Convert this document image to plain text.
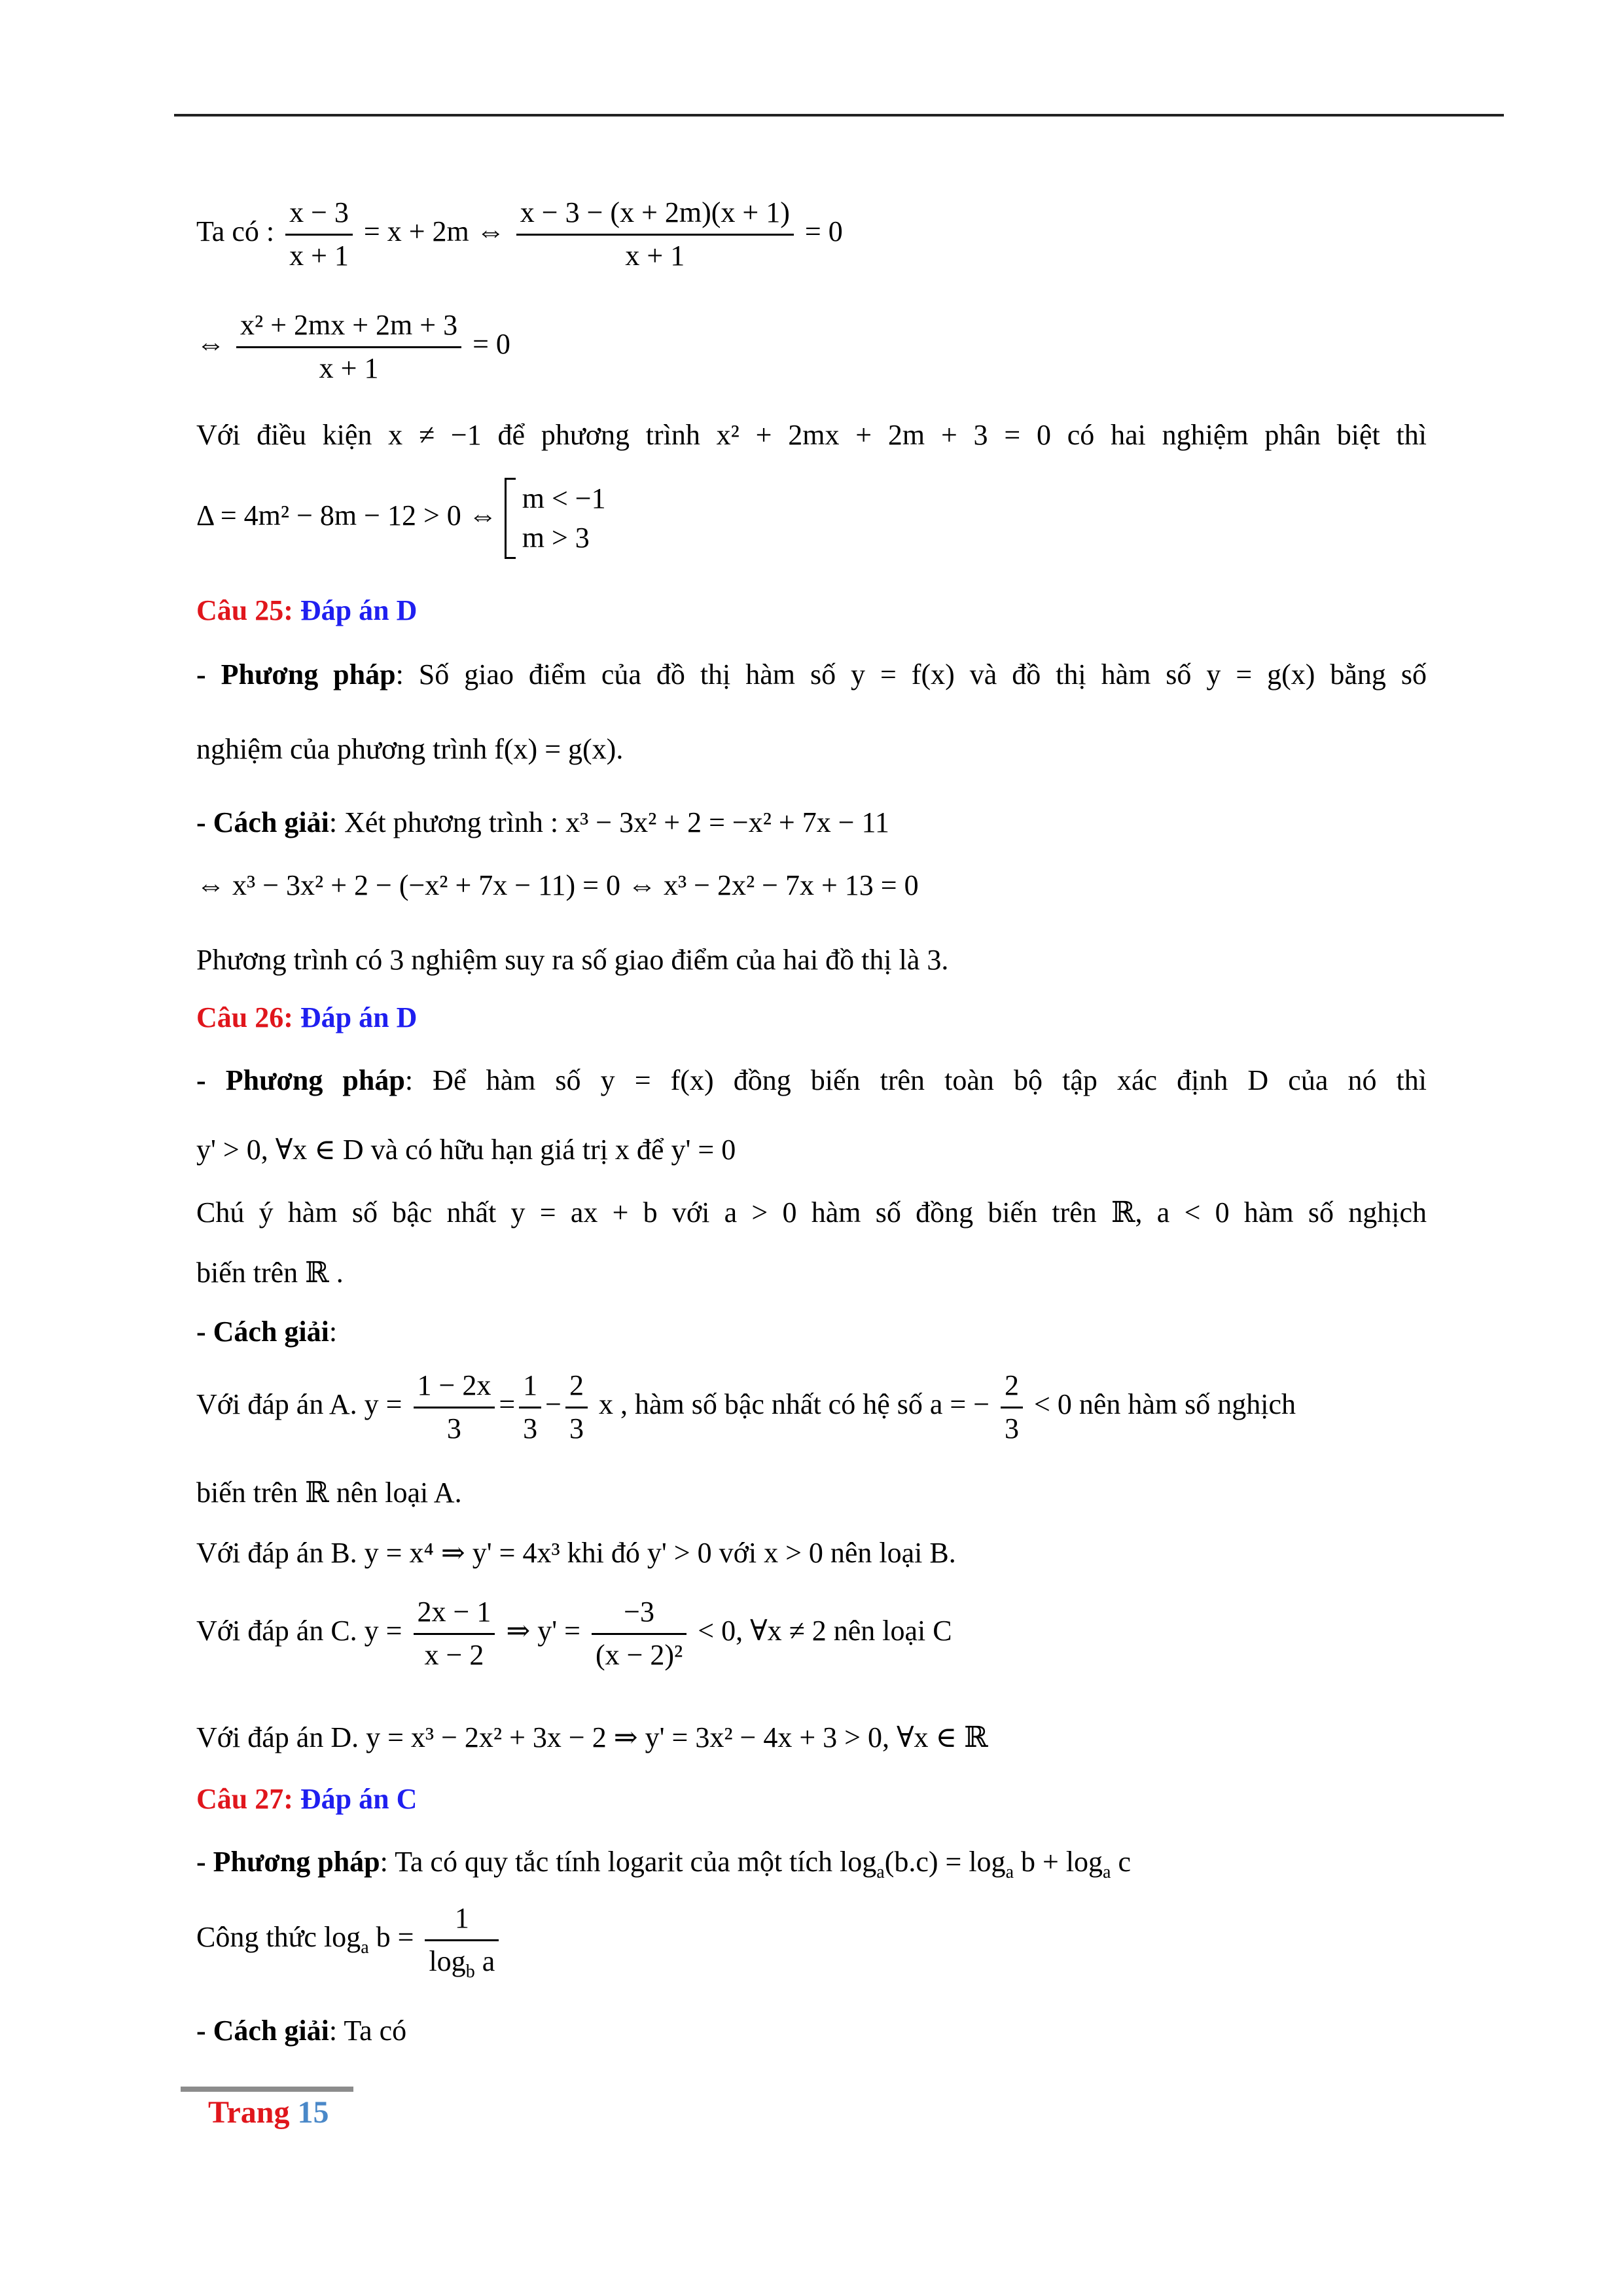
Ta có : $\frac{x - 3}{x + 1} = x + 2m$ ⇔ $\frac{x - 3 - (x + 2m)(x + 1)}{x + 1} = 0$
⇔ $\frac{\text{x² + 2mx + 2m + 3}}{x + 1} = 0$
Với điều kiện x ≠ −1 để phương trình x² + 2mx + 2m + 3 = 0 có hai nghiệm phân biệt thì
Δ = 4m² − 8m − 12 > 0 ⇔
m < −1
m > 3
Câu 25: Đáp án D
- Phương pháp: Số giao điểm của đồ thị hàm số y = f(x) và đồ thị hàm số y = g(x) bằng số
nghiệm của phương trình f(x) = g(x).
- Cách giải: Xét phương trình : x³ − 3x² + 2 = −x² + 7x − 11
⇔ x³ − 3x² + 2 − (−x² + 7x − 11) = 0 ⇔ x³ − 2x² − 7x + 13 = 0
Phương trình có 3 nghiệm suy ra số giao điểm của hai đồ thị là 3.
Câu 26: Đáp án D
- Phương pháp: Để hàm số y = f(x) đồng biến trên toàn bộ tập xác định D của nó thì
y' > 0, ∀x ∈ D và có hữu hạn giá trị x để y' = 0
Chú ý hàm số bậc nhất y = ax + b với a > 0 hàm số đồng biến trên ℝ, a < 0 hàm số nghịch
biến trên ℝ .
- Cách giải:
Với đáp án A. $y = \frac{1 - 2x}{3} = \frac{1}{3} - \frac{2}{3}$ x , hàm số bậc nhất có hệ số a = − $\frac{2}{3} < 0$ nên hàm số nghịch
biến trên ℝ nên loại A.
Với đáp án B. y = x⁴ ⇒ y' = 4x³ khi đó y' > 0 với x > 0 nên loại B.
Với đáp án C. $y = \frac{2x - 1}{x - 2}$ ⇒ $y' = \frac{-3}{\text{(x − 2)²}} < 0$, ∀x ≠ 2 nên loại C
Với đáp án D. y = x³ − 2x² + 3x − 2 ⇒ y' = 3x² − 4x + 3 > 0, ∀x ∈ ℝ
Câu 27: Đáp án C
- Phương pháp: Ta có quy tắc tính logarit của một tích $\log_a(b.c) = \log_a b + \log_a c$
Công thức $\log_a b = \frac{1}{\log_b a}$
- Cách giải: Ta có
Trang 15
